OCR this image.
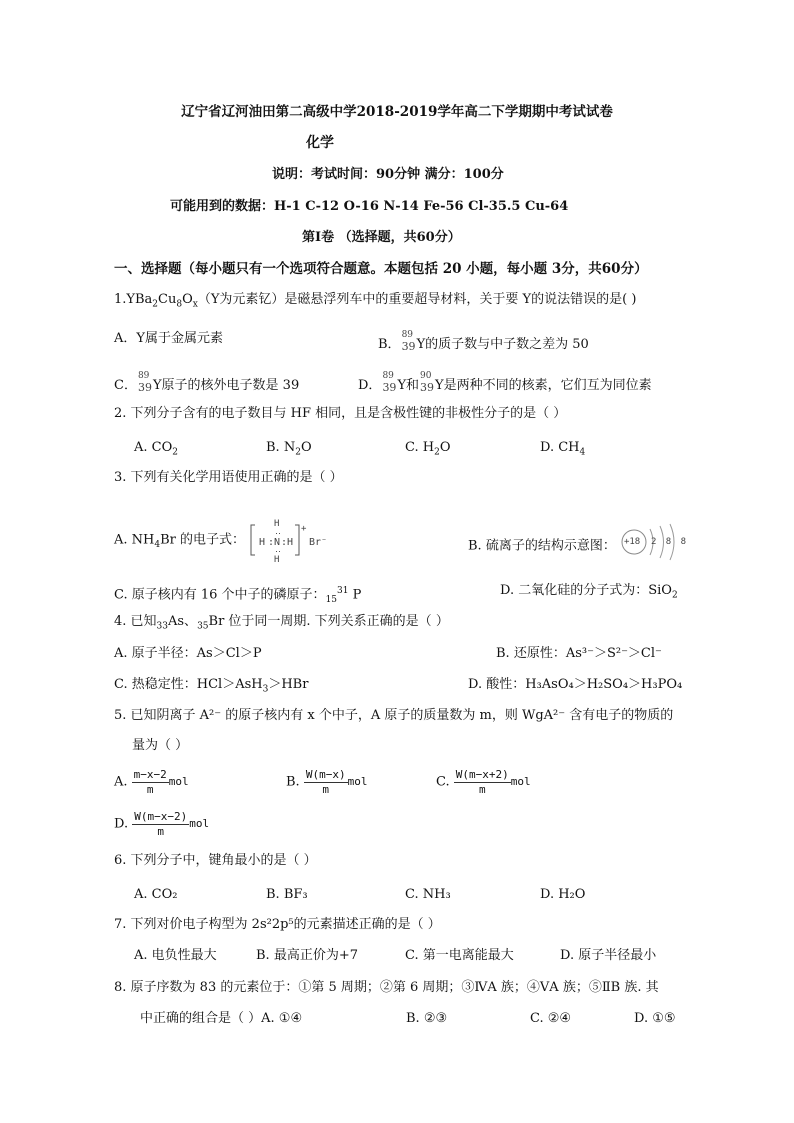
辽宁省辽河油田第二高级中学2018-2019学年高二下学期期中考试试卷
化学
说明：考试时间：90分钟 满分：100分
可能用到的数据：H-1 C-12 O-16 N-14 Fe-56 Cl-35.5 Cu-64
第Ⅰ卷 （选择题，共60分）
一、选择题（每小题只有一个选项符合题意。本题包括 20 小题，每小题 3分，共60分）
$1.YBa_2Cu_8O_x(Y$为元素钇）是磁悬浮列车中的重要超导材料，关于要 Y的说法错误的是( )
A．Y属于金属元素	B．
89
39 Y的质子数与中子数之差为 50
C．
89
39 Y原子的核外电子数是 39	D．
89
39 Y和
90
39 Y是两种不同的核素，它们互为同位素
2. 下列分子含有的电子数目与 HF 相同，且是含极性键的非极性分子的是（ ）
A. $CO_2$	B. $N_2O$	C. $H_2O$	D. $CH_4$
3. 下列有关化学用语使用正确的是（ ）
A. $NH_4Br$ 的电子式： H : N : H
H
‥
‥
H
+
Br⁻	B. 硫离子的结构示意图： +18 2 8 8
C. 原子核内有 16 个中子的磷原子：$_{15}^{31}$ P	D. 二氧化硅的分子式为：SiO$_2$
4. 已知$_{33}$As、$_{35}$Br 位于同一周期. 下列关系正确的是（ ）
A. 原子半径：As＞Cl＞P	B. 还原性：As³⁻＞S²⁻＞Cl⁻
C. 热稳定性：HCl＞AsH$_3$＞HBr	D. 酸性：H₃AsO₄＞H₂SO₄＞H₃PO₄
5. 已知阴离子 A²⁻ 的原子核内有 x 个中子，A 原子的质量数为 m，则 WgA²⁻ 含有电子的物质的
量为（ ）
A. $\frac{m-x-2}{m}$ mol	B. $\frac{W(m-x)}{m}$ mol	C. $\frac{W(m-x+2)}{m}$ mol
D. $\frac{W(m-x-2)}{m}$ mol
6. 下列分子中，键角最小的是（ ）
A. CO₂	B. BF₃	C. NH₃	D. H₂O
7. 下列对价电子构型为 2s²2p⁵的元素描述正确的是（ ）
A. 电负性最大	B. 最高正价为+7	C. 第一电离能最大	D. 原子半径最小
8. 原子序数为 83 的元素位于：①第 5 周期；②第 6 周期；③ⅣA 族；④ⅤA 族；⑤ⅡB 族. 其
中正确的组合是（ ）A. ①④	B. ②③	C. ②④	D. ①⑤
